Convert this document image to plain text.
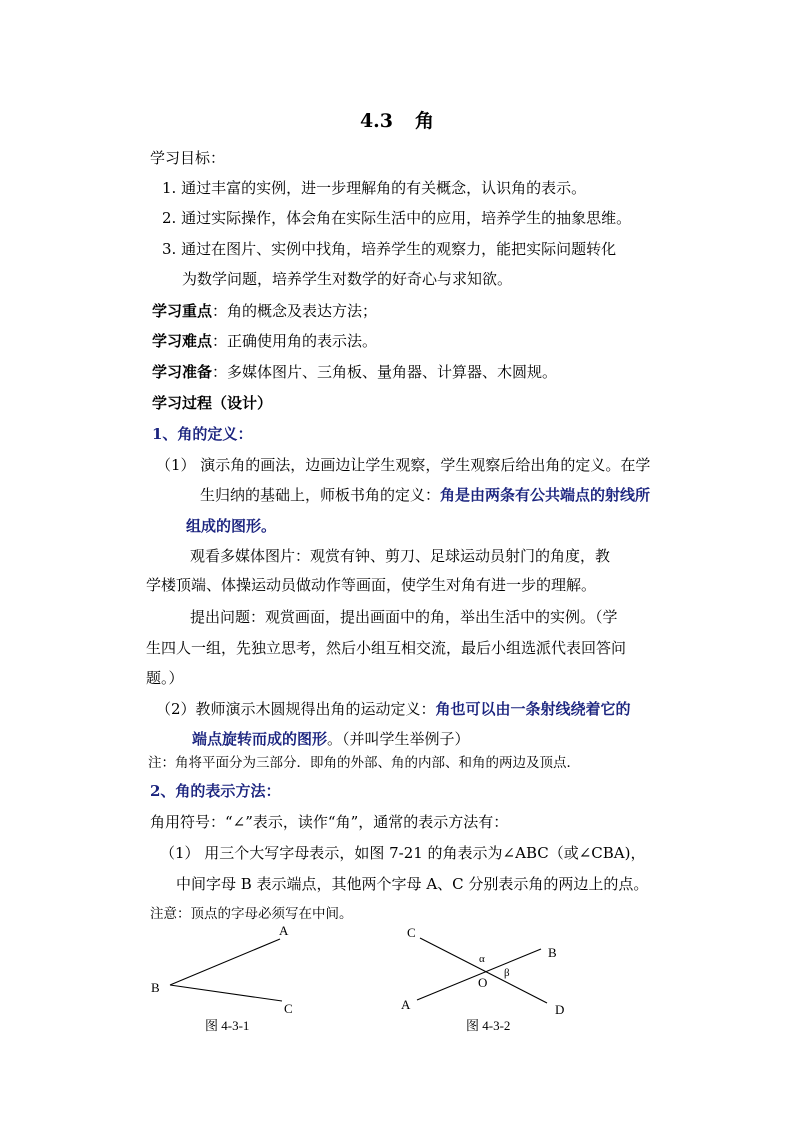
4.3 角
学习目标：
1. 通过丰富的实例，进一步理解角的有关概念，认识角的表示。
2. 通过实际操作，体会角在实际生活中的应用，培养学生的抽象思维。
3. 通过在图片、实例中找角，培养学生的观察力，能把实际问题转化
为数学问题，培养学生对数学的好奇心与求知欲。
学习重点：角的概念及表达方法；
学习难点：正确使用角的表示法。
学习准备：多媒体图片、三角板、量角器、计算器、木圆规。
学习过程（设计）
1、角的定义：
（1） 演示角的画法，边画边让学生观察，学生观察后给出角的定义。在学
生归纳的基础上，师板书角的定义：角是由两条有公共端点的射线所
组成的图形。
观看多媒体图片：观赏有钟、剪刀、足球运动员射门的角度，教
学楼顶端、体操运动员做动作等画面，使学生对角有进一步的理解。
提出问题：观赏画面，提出画面中的角，举出生活中的实例。（学
生四人一组，先独立思考，然后小组互相交流，最后小组选派代表回答问
题。）
（2）教师演示木圆规得出角的运动定义：角也可以由一条射线绕着它的
端点旋转而成的图形。（并叫学生举例子）
注：角将平面分为三部分．即角的外部、角的内部、和角的两边及顶点．
2、角的表示方法：
角用符号：“∠”表示，读作“角”，通常的表示方法有：
（1） 用三个大写字母表示，如图 7-21 的角表示为∠ABC（或∠CBA)，
中间字母 B 表示端点，其他两个字母 A、C 分别表示角的两边上的点。
注意：顶点的字母必须写在中间。
A
B
C
图 4-3-1
C
B
A	D
O
α
β
图 4-3-2
